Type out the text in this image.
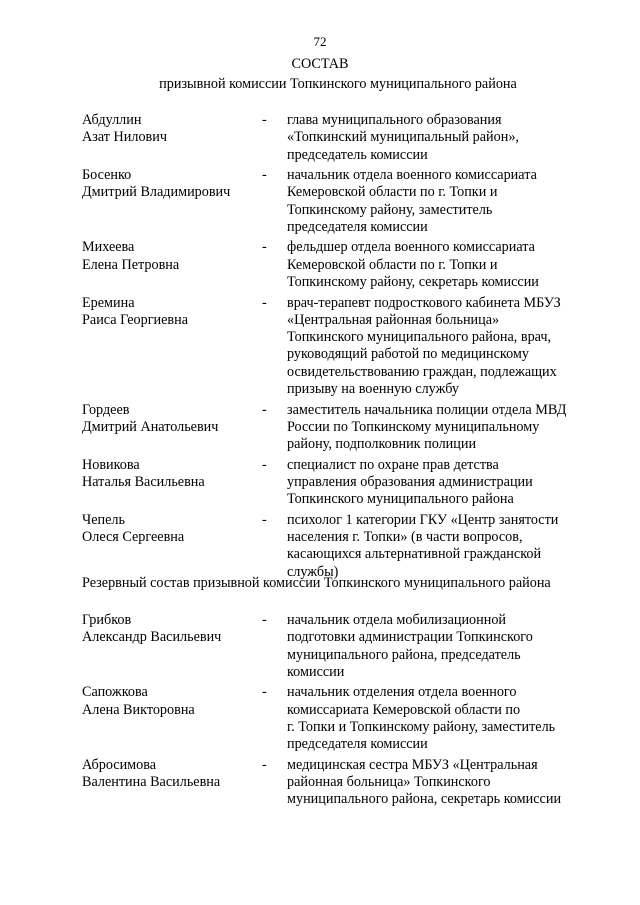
72
СОСТАВ
призывной комиссии Топкинского муниципального района
Абдуллин
Азат Нилович
-	глава муниципального образования
«Топкинский муниципальный район»,
председатель комиссии
Босенко
Дмитрий Владимирович
-	начальник отдела военного комиссариата
Кемеровской области по г. Топки и
Топкинскому району, заместитель
председателя комиссии
Михеева
Елена Петровна
-	фельдшер отдела военного комиссариата
Кемеровской области по г. Топки и
Топкинскому району, секретарь комиссии
Еремина
Раиса Георгиевна
-	врач-терапевт подросткового кабинета МБУЗ
«Центральная районная больница»
Топкинского муниципального района, врач,
руководящий работой по медицинскому
освидетельствованию граждан, подлежащих
призыву на военную службу
Гордеев
Дмитрий Анатольевич
-	заместитель начальника полиции отдела МВД
России по Топкинскому муниципальному
району, подполковник полиции
Новикова
Наталья Васильевна
-	специалист по охране прав детства
управления образования администрации
Топкинского муниципального района
Чепель
Олеся Сергеевна
-	психолог 1 категории ГКУ «Центр занятости
населения г. Топки» (в части вопросов,
касающихся альтернативной гражданской
службы)
Резервный состав призывной комиссии Топкинского муниципального района
Грибков
Александр Васильевич
-	начальник отдела мобилизационной
подготовки администрации Топкинского
муниципального района, председатель
комиссии
Сапожкова
Алена Викторовна
-	начальник отделения отдела военного
комиссариата Кемеровской области по
г. Топки и Топкинскому району, заместитель
председателя комиссии
Абросимова
Валентина Васильевна
-	медицинская сестра МБУЗ «Центральная
районная больница» Топкинского
муниципального района, секретарь комиссии
